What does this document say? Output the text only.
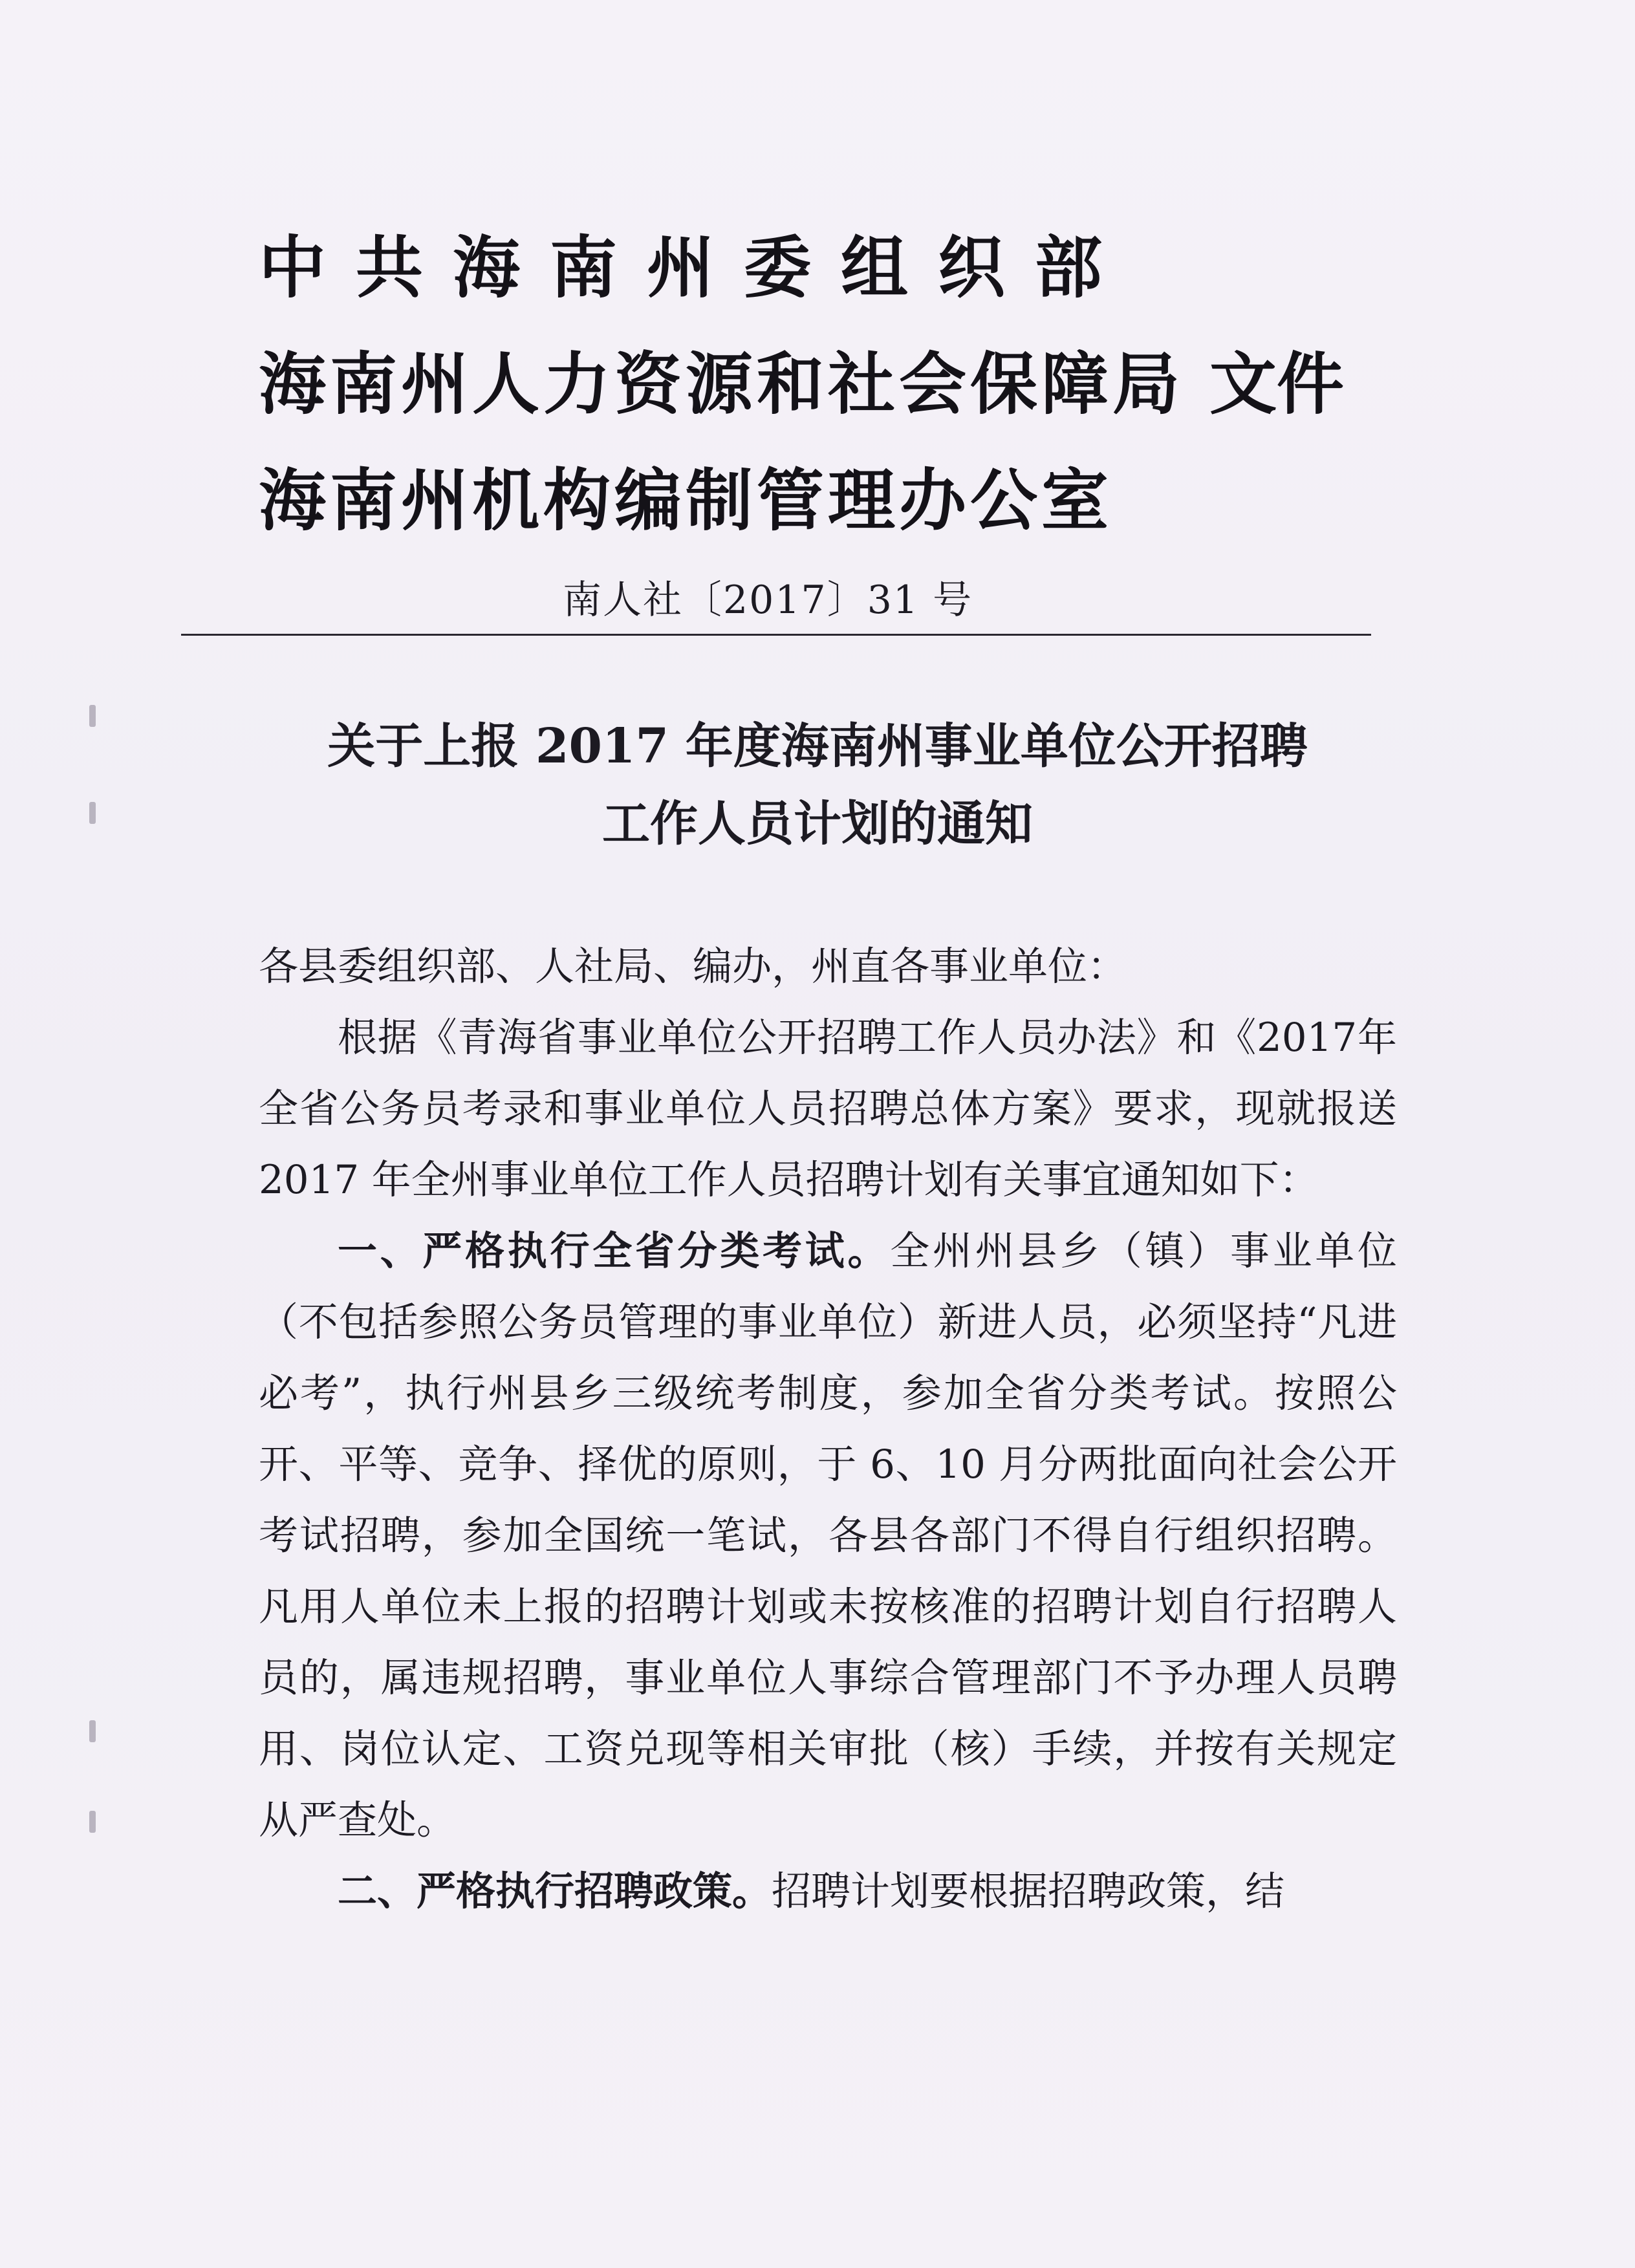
中共海南州委组织部
海南州人力资源和社会保障局
海南州机构编制管理办公室
文件
南人社〔2017〕31 号
关于上报 2017 年度海南州事业单位公开招聘
工作人员计划的通知

各县委组织部、人社局、编办，州直各事业单位：

根据《青海省事业单位公开招聘工作人员办法》和《2017年全省公务员考录和事业单位人员招聘总体方案》要求，现就报送 2017 年全州事业单位工作人员招聘计划有关事宜通知如下：

一、严格执行全省分类考试。全州州县乡（镇）事业单位（不包括参照公务员管理的事业单位）新进人员，必须坚持“凡进必考”，执行州县乡三级统考制度，参加全省分类考试。按照公开、平等、竞争、择优的原则，于 6、10 月分两批面向社会公开考试招聘，参加全国统一笔试，各县各部门不得自行组织招聘。凡用人单位未上报的招聘计划或未按核准的招聘计划自行招聘人员的，属违规招聘，事业单位人事综合管理部门不予办理人员聘用、岗位认定、工资兑现等相关审批（核）手续，并按有关规定从严查处。

二、严格执行招聘政策。招聘计划要根据招聘政策，结
